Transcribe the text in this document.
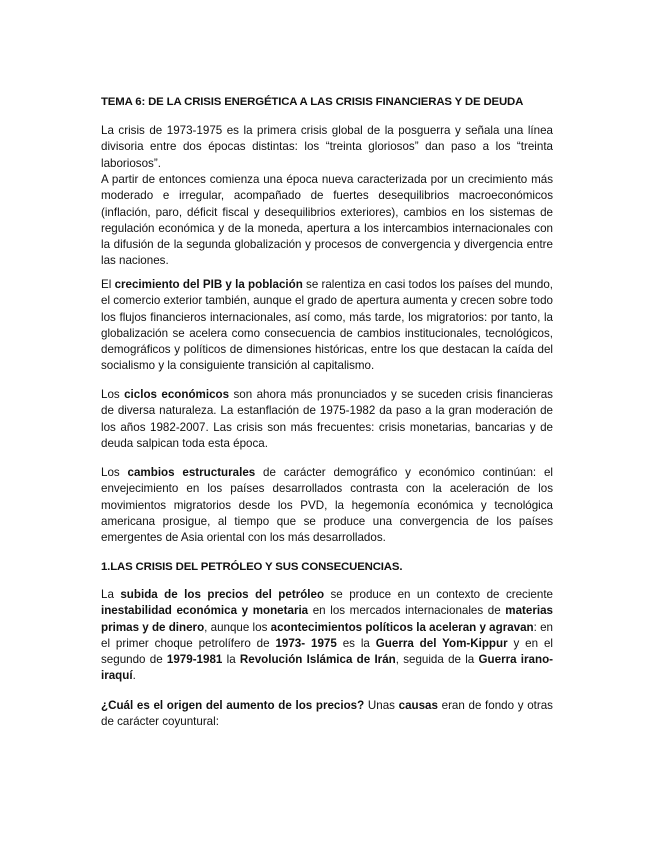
TEMA 6: DE LA CRISIS ENERGÉTICA A LAS CRISIS FINANCIERAS Y DE DEUDA

La crisis de 1973-1975 es la primera crisis global de la posguerra y señala una línea divisoria entre dos épocas distintas: los “treinta gloriosos” dan paso a los “treinta laboriosos”.

A partir de entonces comienza una época nueva caracterizada por un crecimiento más moderado e irregular, acompañado de fuertes desequilibrios macroeconómicos (inflación, paro, déficit fiscal y desequilibrios exteriores), cambios en los sistemas de regulación económica y de la moneda, apertura a los intercambios internacionales con la difusión de la segunda globalización y procesos de convergencia y divergencia entre las naciones.

El crecimiento del PIB y la población se ralentiza en casi todos los países del mundo, el comercio exterior también, aunque el grado de apertura aumenta y crecen sobre todo los flujos financieros internacionales, así como, más tarde, los migratorios: por tanto, la globalización se acelera como consecuencia de cambios institucionales, tecnológicos, demográficos y políticos de dimensiones históricas, entre los que destacan la caída del socialismo y la consiguiente transición al capitalismo.

Los ciclos económicos son ahora más pronunciados y se suceden crisis financieras de diversa naturaleza. La estanflación de 1975-1982 da paso a la gran moderación de los años 1982-2007. Las crisis son más frecuentes: crisis monetarias, bancarias y de deuda salpican toda esta época.

Los cambios estructurales de carácter demográfico y económico continúan: el envejecimiento en los países desarrollados contrasta con la aceleración de los movimientos migratorios desde los PVD, la hegemonía económica y tecnológica americana prosigue, al tiempo que se produce una convergencia de los países emergentes de Asia oriental con los más desarrollados.

1.LAS CRISIS DEL PETRÓLEO Y SUS CONSECUENCIAS.

La subida de los precios del petróleo se produce en un contexto de creciente inestabilidad económica y monetaria en los mercados internacionales de materias primas y de dinero, aunque los acontecimientos políticos la aceleran y agravan: en el primer choque petrolífero de 1973- 1975 es la Guerra del Yom-Kippur y en el segundo de 1979-1981 la Revolución Islámica de Irán, seguida de la Guerra irano-iraquí.

¿Cuál es el origen del aumento de los precios? Unas causas eran de fondo y otras de carácter coyuntural:
